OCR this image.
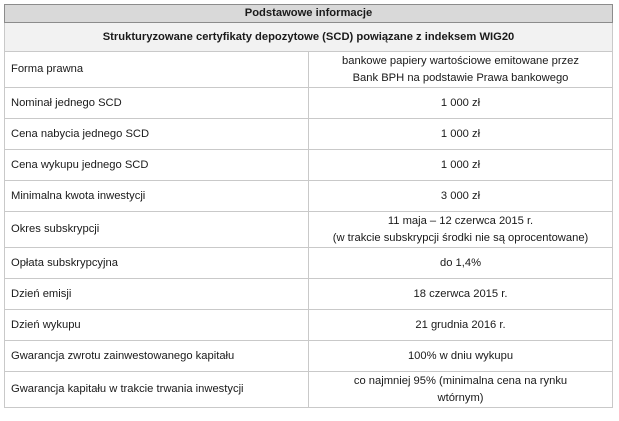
Podstawowe informacje	
Strukturyzowane certyfikaty depozytowe (SCD) powiązane z indeksem WIG20	
Forma prawna	bankowe papiery wartościowe emitowane przez
Bank BPH na podstawie Prawa bankowego

Nominał jednego SCD	1 000 zł
Cena nabycia jednego SCD	1 000 zł
Cena wykupu jednego SCD	1 000 zł
Minimalna kwota inwestycji	3 000 zł
Okres subskrypcji	11 maja – 12 czerwca 2015 r.
(w trakcie subskrypcji środki nie są oprocentowane)

Opłata subskrypcyjna	do 1,4%
Dzień emisji	18 czerwca 2015 r.
Dzień wykupu	21 grudnia 2016 r.
Gwarancja zwrotu zainwestowanego kapitału	100% w dniu wykupu
Gwarancja kapitału w trakcie trwania inwestycji	co najmniej 95% (minimalna cena na rynku
wtórnym)
